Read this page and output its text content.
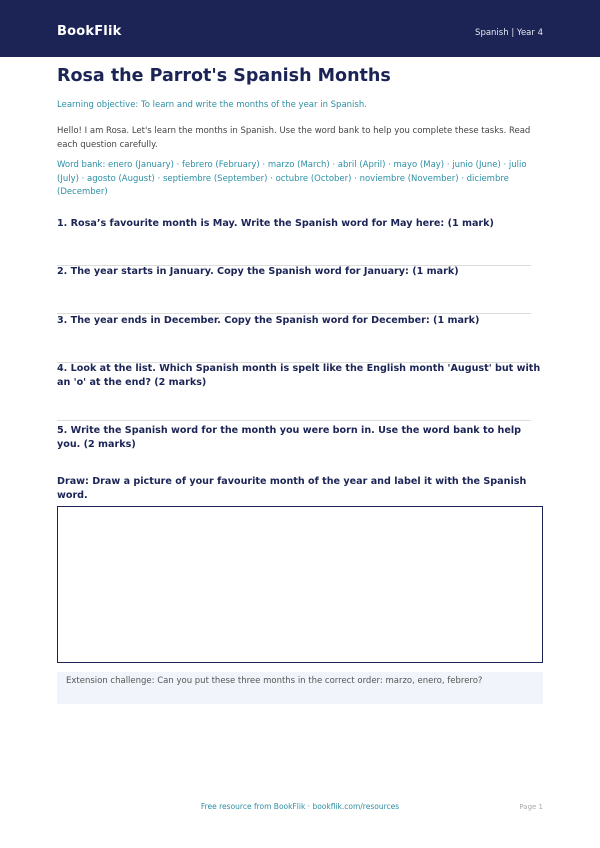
BookFlik	Spanish | Year 4
Rosa the Parrot's Spanish Months
Learning objective: To learn and write the months of the year in Spanish.
Hello! I am Rosa. Let's learn the months in Spanish. Use the word bank to help you complete these tasks. Read each question carefully.
Word bank: enero (January) · febrero (February) · marzo (March) · abril (April) · mayo (May) · junio (June) · julio (July) · agosto (August) · septiembre (September) · octubre (October) · noviembre (November) · diciembre (December)
1. Rosa’s favourite month is May. Write the Spanish word for May here: (1 mark)
2. The year starts in January. Copy the Spanish word for January: (1 mark)
3. The year ends in December. Copy the Spanish word for December: (1 mark)
4. Look at the list. Which Spanish month is spelt like the English month 'August' but with an 'o' at the end? (2 marks)
5. Write the Spanish word for the month you were born in. Use the word bank to help you. (2 marks)
Draw: Draw a picture of your favourite month of the year and label it with the Spanish word.
Extension challenge: Can you put these three months in the correct order: marzo, enero, febrero?
Free resource from BookFlik · bookflik.com/resources	Page 1
